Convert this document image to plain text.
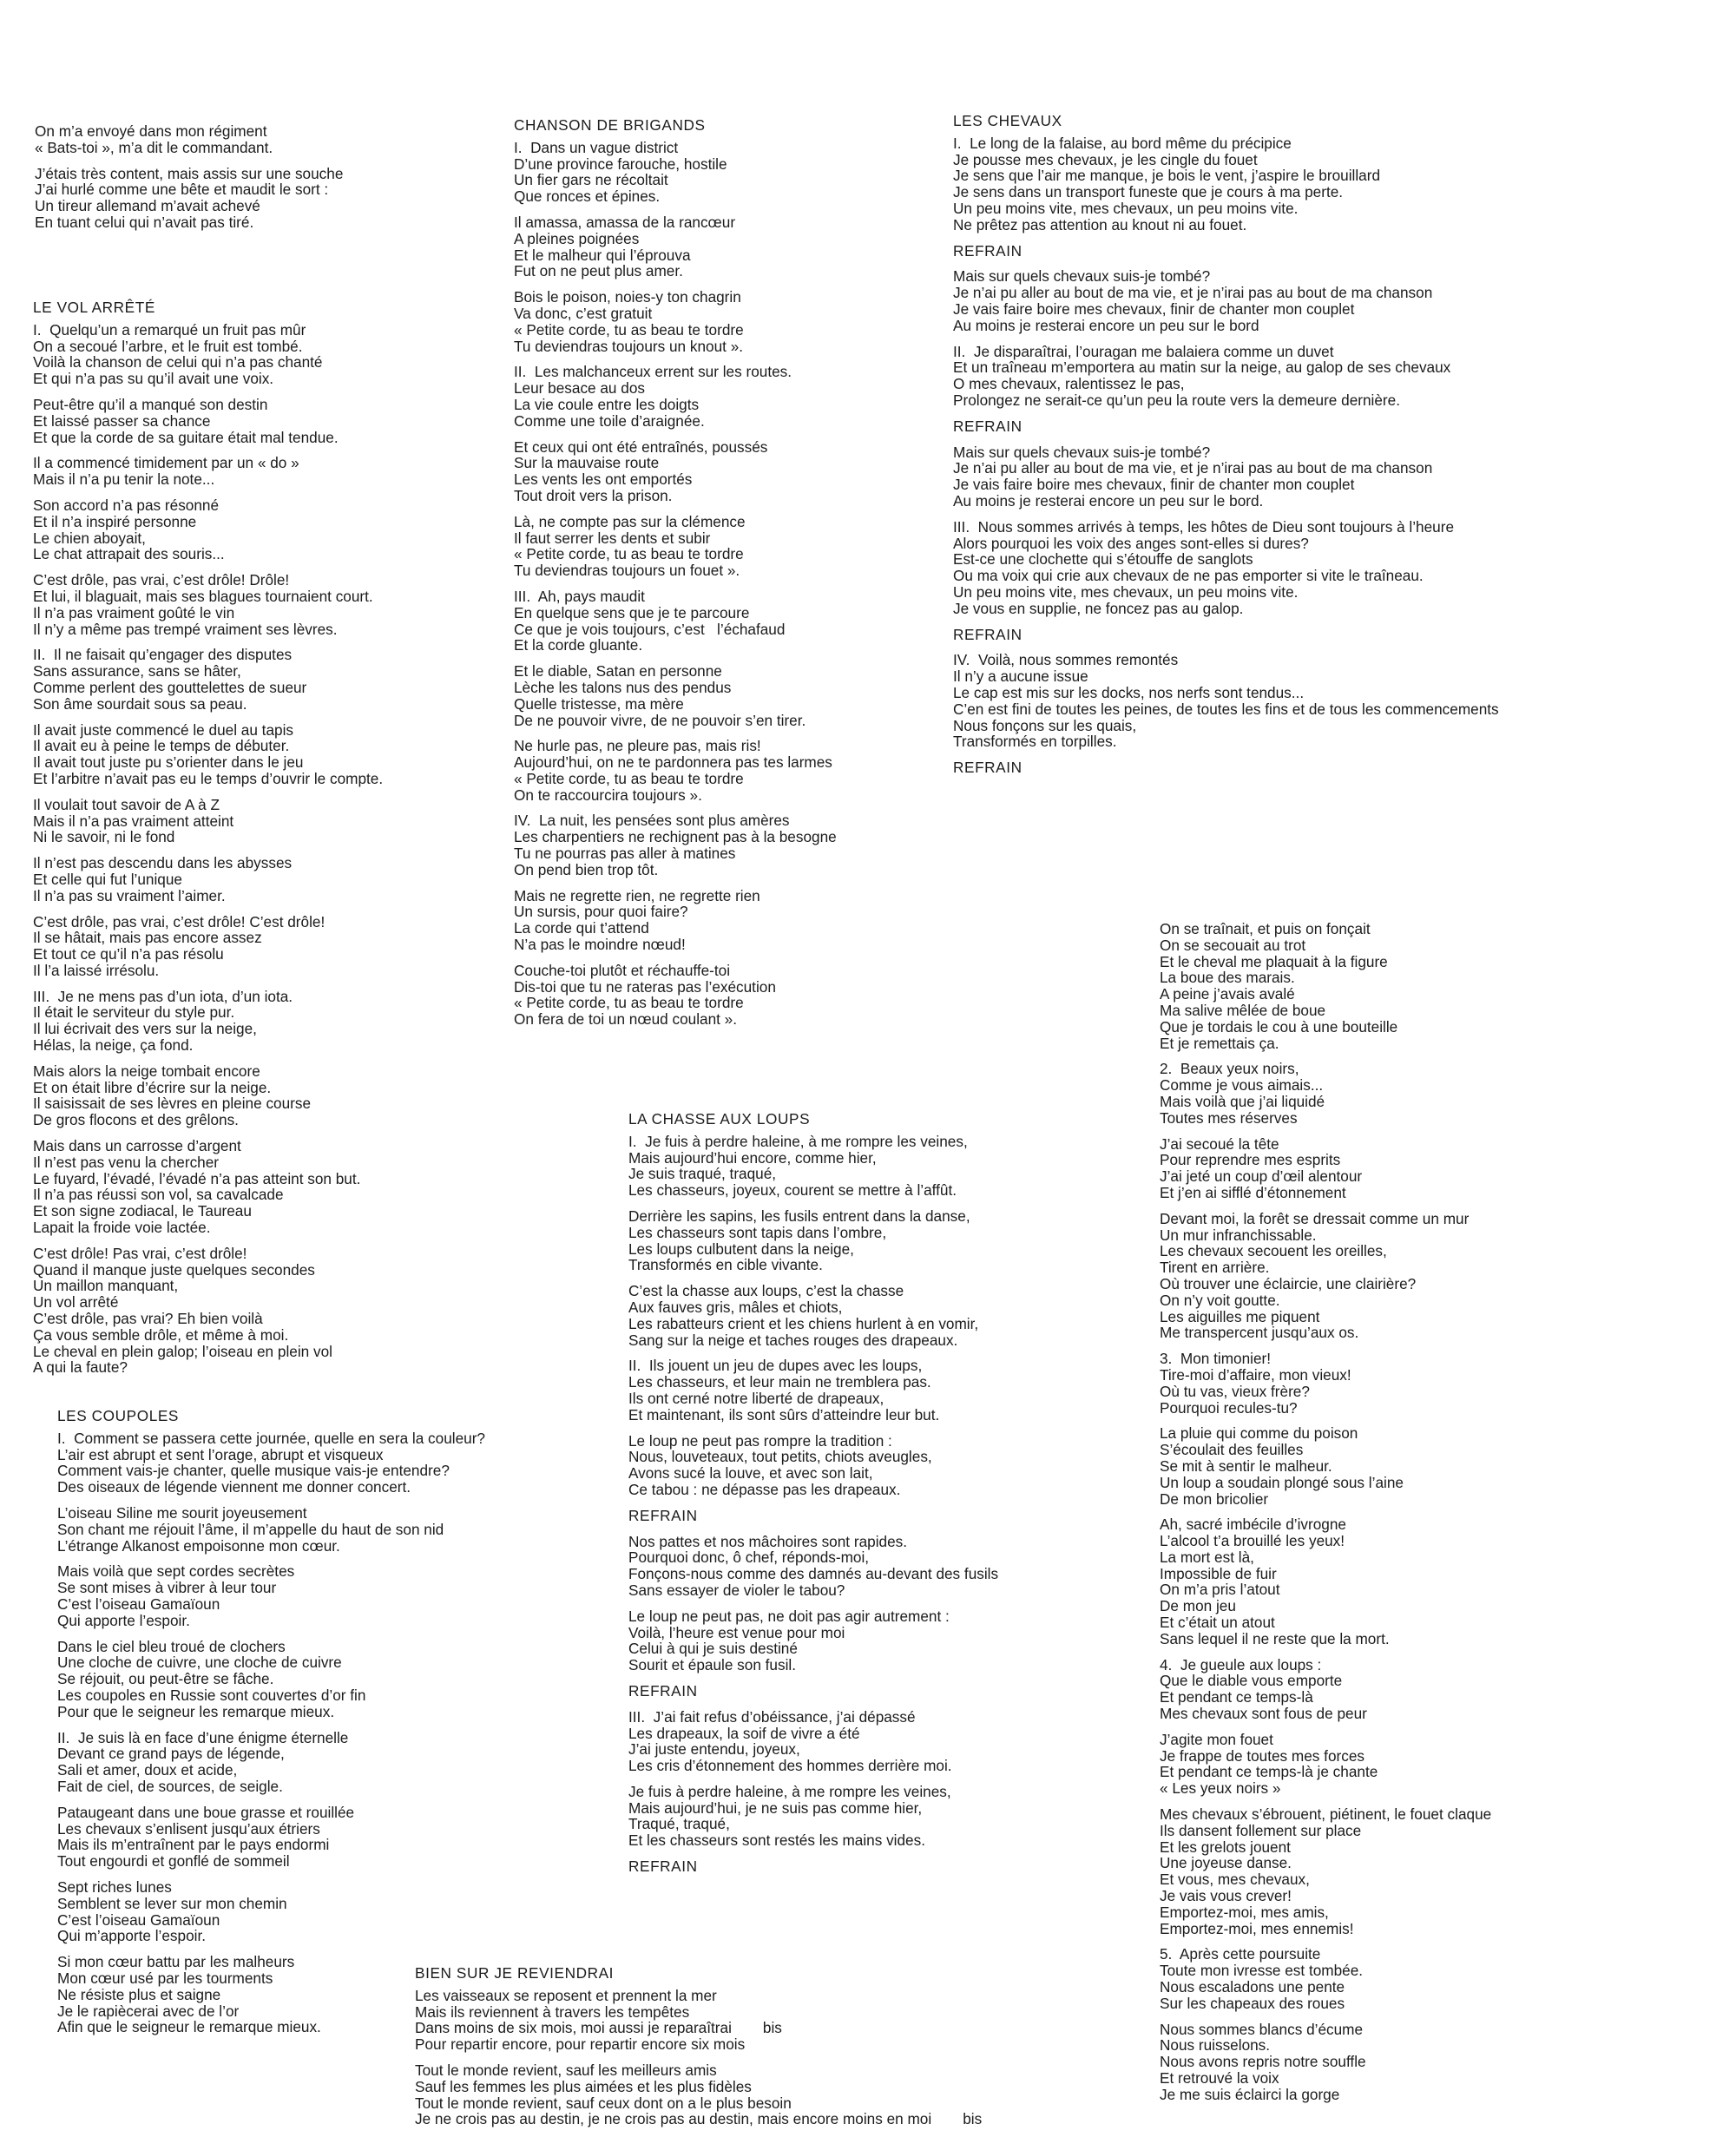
On m’a envoyé dans mon régiment
« Bats-toi », m’a dit le commandant.
J’étais très content, mais assis sur une souche
J’ai hurlé comme une bête et maudit le sort :
Un tireur allemand m’avait achevé
En tuant celui qui n’avait pas tiré.
LE VOL ARRÊTÉ
I.  Quelqu’un a remarqué un fruit pas mûr
On a secoué l’arbre, et le fruit est tombé.
Voilà la chanson de celui qui n’a pas chanté
Et qui n’a pas su qu’il avait une voix.
Peut-être qu’il a manqué son destin
Et laissé passer sa chance
Et que la corde de sa guitare était mal tendue.
Il a commencé timidement par un « do »
Mais il n’a pu tenir la note...
Son accord n’a pas résonné
Et il n’a inspiré personne
Le chien aboyait,
Le chat attrapait des souris...
C’est drôle, pas vrai, c’est drôle! Drôle!
Et lui, il blaguait, mais ses blagues tournaient court.
Il n’a pas vraiment goûté le vin
Il n’y a même pas trempé vraiment ses lèvres.
II.  Il ne faisait qu’engager des disputes
Sans assurance, sans se hâter,
Comme perlent des gouttelettes de sueur
Son âme sourdait sous sa peau.
Il avait juste commencé le duel au tapis
Il avait eu à peine le temps de débuter.
Il avait tout juste pu s’orienter dans le jeu
Et l’arbitre n’avait pas eu le temps d’ouvrir le compte.
Il voulait tout savoir de A à Z
Mais il n’a pas vraiment atteint
Ni le savoir, ni le fond
Il n’est pas descendu dans les abysses
Et celle qui fut l’unique
Il n’a pas su vraiment l’aimer.
C’est drôle, pas vrai, c’est drôle! C’est drôle!
Il se hâtait, mais pas encore assez
Et tout ce qu’il n’a pas résolu
Il l’a laissé irrésolu.
III.  Je ne mens pas d’un iota, d’un iota.
Il était le serviteur du style pur.
Il lui écrivait des vers sur la neige,
Hélas, la neige, ça fond.
Mais alors la neige tombait encore
Et on était libre d’écrire sur la neige.
Il saisissait de ses lèvres en pleine course
De gros flocons et des grêlons.
Mais dans un carrosse d’argent
Il n’est pas venu la chercher
Le fuyard, l’évadé, l’évadé n’a pas atteint son but.
Il n’a pas réussi son vol, sa cavalcade
Et son signe zodiacal, le Taureau
Lapait la froide voie lactée.
C’est drôle! Pas vrai, c’est drôle!
Quand il manque juste quelques secondes
Un maillon manquant,
Un vol arrêté
C’est drôle, pas vrai? Eh bien voilà
Ça vous semble drôle, et même à moi.
Le cheval en plein galop; l’oiseau en plein vol
A qui la faute?
LES COUPOLES
I.  Comment se passera cette journée, quelle en sera la couleur?
L’air est abrupt et sent l’orage, abrupt et visqueux
Comment vais-je chanter, quelle musique vais-je entendre?
Des oiseaux de légende viennent me donner concert.
L’oiseau Siline me sourit joyeusement
Son chant me réjouit l’âme, il m’appelle du haut de son nid
L’étrange Alkanost empoisonne mon cœur.
Mais voilà que sept cordes secrètes
Se sont mises à vibrer à leur tour
C’est l’oiseau Gamaïoun
Qui apporte l’espoir.
Dans le ciel bleu troué de clochers
Une cloche de cuivre, une cloche de cuivre
Se réjouit, ou peut-être se fâche.
Les coupoles en Russie sont couvertes d’or fin
Pour que le seigneur les remarque mieux.
II.  Je suis là en face d’une énigme éternelle
Devant ce grand pays de légende,
Sali et amer, doux et acide,
Fait de ciel, de sources, de seigle.
Pataugeant dans une boue grasse et rouillée
Les chevaux s’enlisent jusqu’aux étriers
Mais ils m’entraînent par le pays endormi
Tout engourdi et gonflé de sommeil
Sept riches lunes
Semblent se lever sur mon chemin
C’est l’oiseau Gamaïoun
Qui m’apporte l’espoir.
Si mon cœur battu par les malheurs
Mon cœur usé par les tourments
Ne résiste plus et saigne
Je le rapiècerai avec de l’or
Afin que le seigneur le remarque mieux.
CHANSON DE BRIGANDS
I.  Dans un vague district
D’une province farouche, hostile
Un fier gars ne récoltait
Que ronces et épines.
Il amassa, amassa de la rancœur
A pleines poignées
Et le malheur qui l’éprouva
Fut on ne peut plus amer.
Bois le poison, noies-y ton chagrin
Va donc, c’est gratuit
« Petite corde, tu as beau te tordre
Tu deviendras toujours un knout ».
II.  Les malchanceux errent sur les routes.
Leur besace au dos
La vie coule entre les doigts
Comme une toile d’araignée.
Et ceux qui ont été entraînés, poussés
Sur la mauvaise route
Les vents les ont emportés
Tout droit vers la prison.
Là, ne compte pas sur la clémence
Il faut serrer les dents et subir
« Petite corde, tu as beau te tordre
Tu deviendras toujours un fouet ».
III.  Ah, pays maudit
En quelque sens que je te parcoure
Ce que je vois toujours, c’est   l’échafaud
Et la corde gluante.
Et le diable, Satan en personne
Lèche les talons nus des pendus
Quelle tristesse, ma mère
De ne pouvoir vivre, de ne pouvoir s’en tirer.
Ne hurle pas, ne pleure pas, mais ris!
Aujourd’hui, on ne te pardonnera pas tes larmes
« Petite corde, tu as beau te tordre
On te raccourcira toujours ».
IV.  La nuit, les pensées sont plus amères
Les charpentiers ne rechignent pas à la besogne
Tu ne pourras pas aller à matines
On pend bien trop tôt.
Mais ne regrette rien, ne regrette rien
Un sursis, pour quoi faire?
La corde qui t’attend
N’a pas le moindre nœud!
Couche-toi plutôt et réchauffe-toi
Dis-toi que tu ne rateras pas l’exécution
« Petite corde, tu as beau te tordre
On fera de toi un nœud coulant ».
LA CHASSE AUX LOUPS
I.  Je fuis à perdre haleine, à me rompre les veines,
Mais aujourd’hui encore, comme hier,
Je suis traqué, traqué,
Les chasseurs, joyeux, courent se mettre à l’affût.
Derrière les sapins, les fusils entrent dans la danse,
Les chasseurs sont tapis dans l’ombre,
Les loups culbutent dans la neige,
Transformés en cible vivante.
C’est la chasse aux loups, c’est la chasse
Aux fauves gris, mâles et chiots,
Les rabatteurs crient et les chiens hurlent à en vomir,
Sang sur la neige et taches rouges des drapeaux.
II.  Ils jouent un jeu de dupes avec les loups,
Les chasseurs, et leur main ne tremblera pas.
Ils ont cerné notre liberté de drapeaux,
Et maintenant, ils sont sûrs d’atteindre leur but.
Le loup ne peut pas rompre la tradition :
Nous, louveteaux, tout petits, chiots aveugles,
Avons sucé la louve, et avec son lait,
Ce tabou : ne dépasse pas les drapeaux.
REFRAIN
Nos pattes et nos mâchoires sont rapides.
Pourquoi donc, ô chef, réponds-moi,
Fonçons-nous comme des damnés au-devant des fusils
Sans essayer de violer le tabou?
Le loup ne peut pas, ne doit pas agir autrement :
Voilà, l’heure est venue pour moi
Celui à qui je suis destiné
Sourit et épaule son fusil.
REFRAIN
III.  J’ai fait refus d’obéissance, j’ai dépassé
Les drapeaux, la soif de vivre a été
J’ai juste entendu, joyeux,
Les cris d’étonnement des hommes derrière moi.
Je fuis à perdre haleine, à me rompre les veines,
Mais aujourd’hui, je ne suis pas comme hier,
Traqué, traqué,
Et les chasseurs sont restés les mains vides.
REFRAIN
BIEN SUR JE REVIENDRAI
Les vaisseaux se reposent et prennent la mer
Mais ils reviennent à travers les tempêtes
Dans moins de six mois, moi aussi je reparaîtrai bis
Pour repartir encore, pour repartir encore six mois
Tout le monde revient, sauf les meilleurs amis
Sauf les femmes les plus aimées et les plus fidèles
Tout le monde revient, sauf ceux dont on a le plus besoin
Je ne crois pas au destin, je ne crois pas au destin, mais encore moins en moi bis
LES CHEVAUX
I.  Le long de la falaise, au bord même du précipice
Je pousse mes chevaux, je les cingle du fouet
Je sens que l’air me manque, je bois le vent, j’aspire le brouillard
Je sens dans un transport funeste que je cours à ma perte.
Un peu moins vite, mes chevaux, un peu moins vite.
Ne prêtez pas attention au knout ni au fouet.
REFRAIN
Mais sur quels chevaux suis-je tombé?
Je n’ai pu aller au bout de ma vie, et je n’irai pas au bout de ma chanson
Je vais faire boire mes chevaux, finir de chanter mon couplet
Au moins je resterai encore un peu sur le bord
II.  Je disparaîtrai, l’ouragan me balaiera comme un duvet
Et un traîneau m’emportera au matin sur la neige, au galop de ses chevaux
O mes chevaux, ralentissez le pas,
Prolongez ne serait-ce qu’un peu la route vers la demeure dernière.
REFRAIN
Mais sur quels chevaux suis-je tombé?
Je n’ai pu aller au bout de ma vie, et je n’irai pas au bout de ma chanson
Je vais faire boire mes chevaux, finir de chanter mon couplet
Au moins je resterai encore un peu sur le bord.
III.  Nous sommes arrivés à temps, les hôtes de Dieu sont toujours à l’heure
Alors pourquoi les voix des anges sont-elles si dures?
Est-ce une clochette qui s’étouffe de sanglots
Ou ma voix qui crie aux chevaux de ne pas emporter si vite le traîneau.
Un peu moins vite, mes chevaux, un peu moins vite.
Je vous en supplie, ne foncez pas au galop.
REFRAIN
IV.  Voilà, nous sommes remontés
Il n’y a aucune issue
Le cap est mis sur les docks, nos nerfs sont tendus...
C’en est fini de toutes les peines, de toutes les fins et de tous les commencements
Nous fonçons sur les quais,
Transformés en torpilles.
REFRAIN
On se traînait, et puis on fonçait
On se secouait au trot
Et le cheval me plaquait à la figure
La boue des marais.
A peine j’avais avalé
Ma salive mêlée de boue
Que je tordais le cou à une bouteille
Et je remettais ça.
2.  Beaux yeux noirs,
Comme je vous aimais...
Mais voilà que j’ai liquidé
Toutes mes réserves
J’ai secoué la tête
Pour reprendre mes esprits
J’ai jeté un coup d’œil alentour
Et j’en ai sifflé d’étonnement
Devant moi, la forêt se dressait comme un mur
Un mur infranchissable.
Les chevaux secouent les oreilles,
Tirent en arrière.
Où trouver une éclaircie, une clairière?
On n’y voit goutte.
Les aiguilles me piquent
Me transpercent jusqu’aux os.
3.  Mon timonier!
Tire-moi d’affaire, mon vieux!
Où tu vas, vieux frère?
Pourquoi recules-tu?
La pluie qui comme du poison
S’écoulait des feuilles
Se mit à sentir le malheur.
Un loup a soudain plongé sous l’aine
De mon bricolier
Ah, sacré imbécile d’ivrogne
L’alcool t’a brouillé les yeux!
La mort est là,
Impossible de fuir
On m’a pris l’atout
De mon jeu
Et c’était un atout
Sans lequel il ne reste que la mort.
4.  Je gueule aux loups :
Que le diable vous emporte
Et pendant ce temps-là
Mes chevaux sont fous de peur
J’agite mon fouet
Je frappe de toutes mes forces
Et pendant ce temps-là je chante
« Les yeux noirs »
Mes chevaux s’ébrouent, piétinent, le fouet claque
Ils dansent follement sur place
Et les grelots jouent
Une joyeuse danse.
Et vous, mes chevaux,
Je vais vous crever!
Emportez-moi, mes amis,
Emportez-moi, mes ennemis!
5.  Après cette poursuite
Toute mon ivresse est tombée.
Nous escaladons une pente
Sur les chapeaux des roues
Nous sommes blancs d’écume
Nous ruisselons.
Nous avons repris notre souffle
Et retrouvé la voix
Je me suis éclairci la gorge
